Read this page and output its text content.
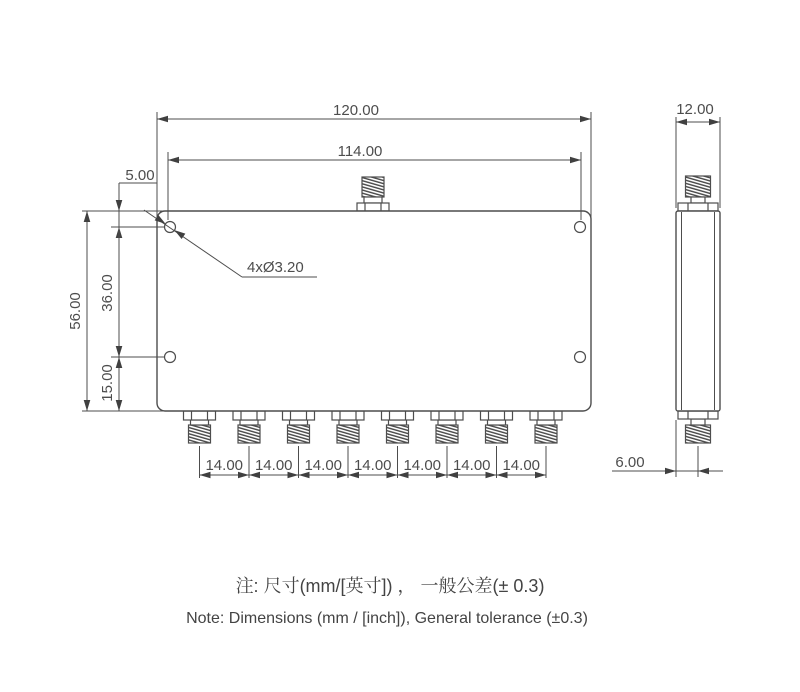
120.00
114.00
5.00
56.00 36.00
15.00
4xØ3.20
14.00 14.00 14.00 14.00 14.00 14.00 14.00
12.00
6.00
注: 尺寸(mm/[英寸]) ， 一般公差(± 0.3)
Note: Dimensions (mm / [inch]), General tolerance (±0.3)
